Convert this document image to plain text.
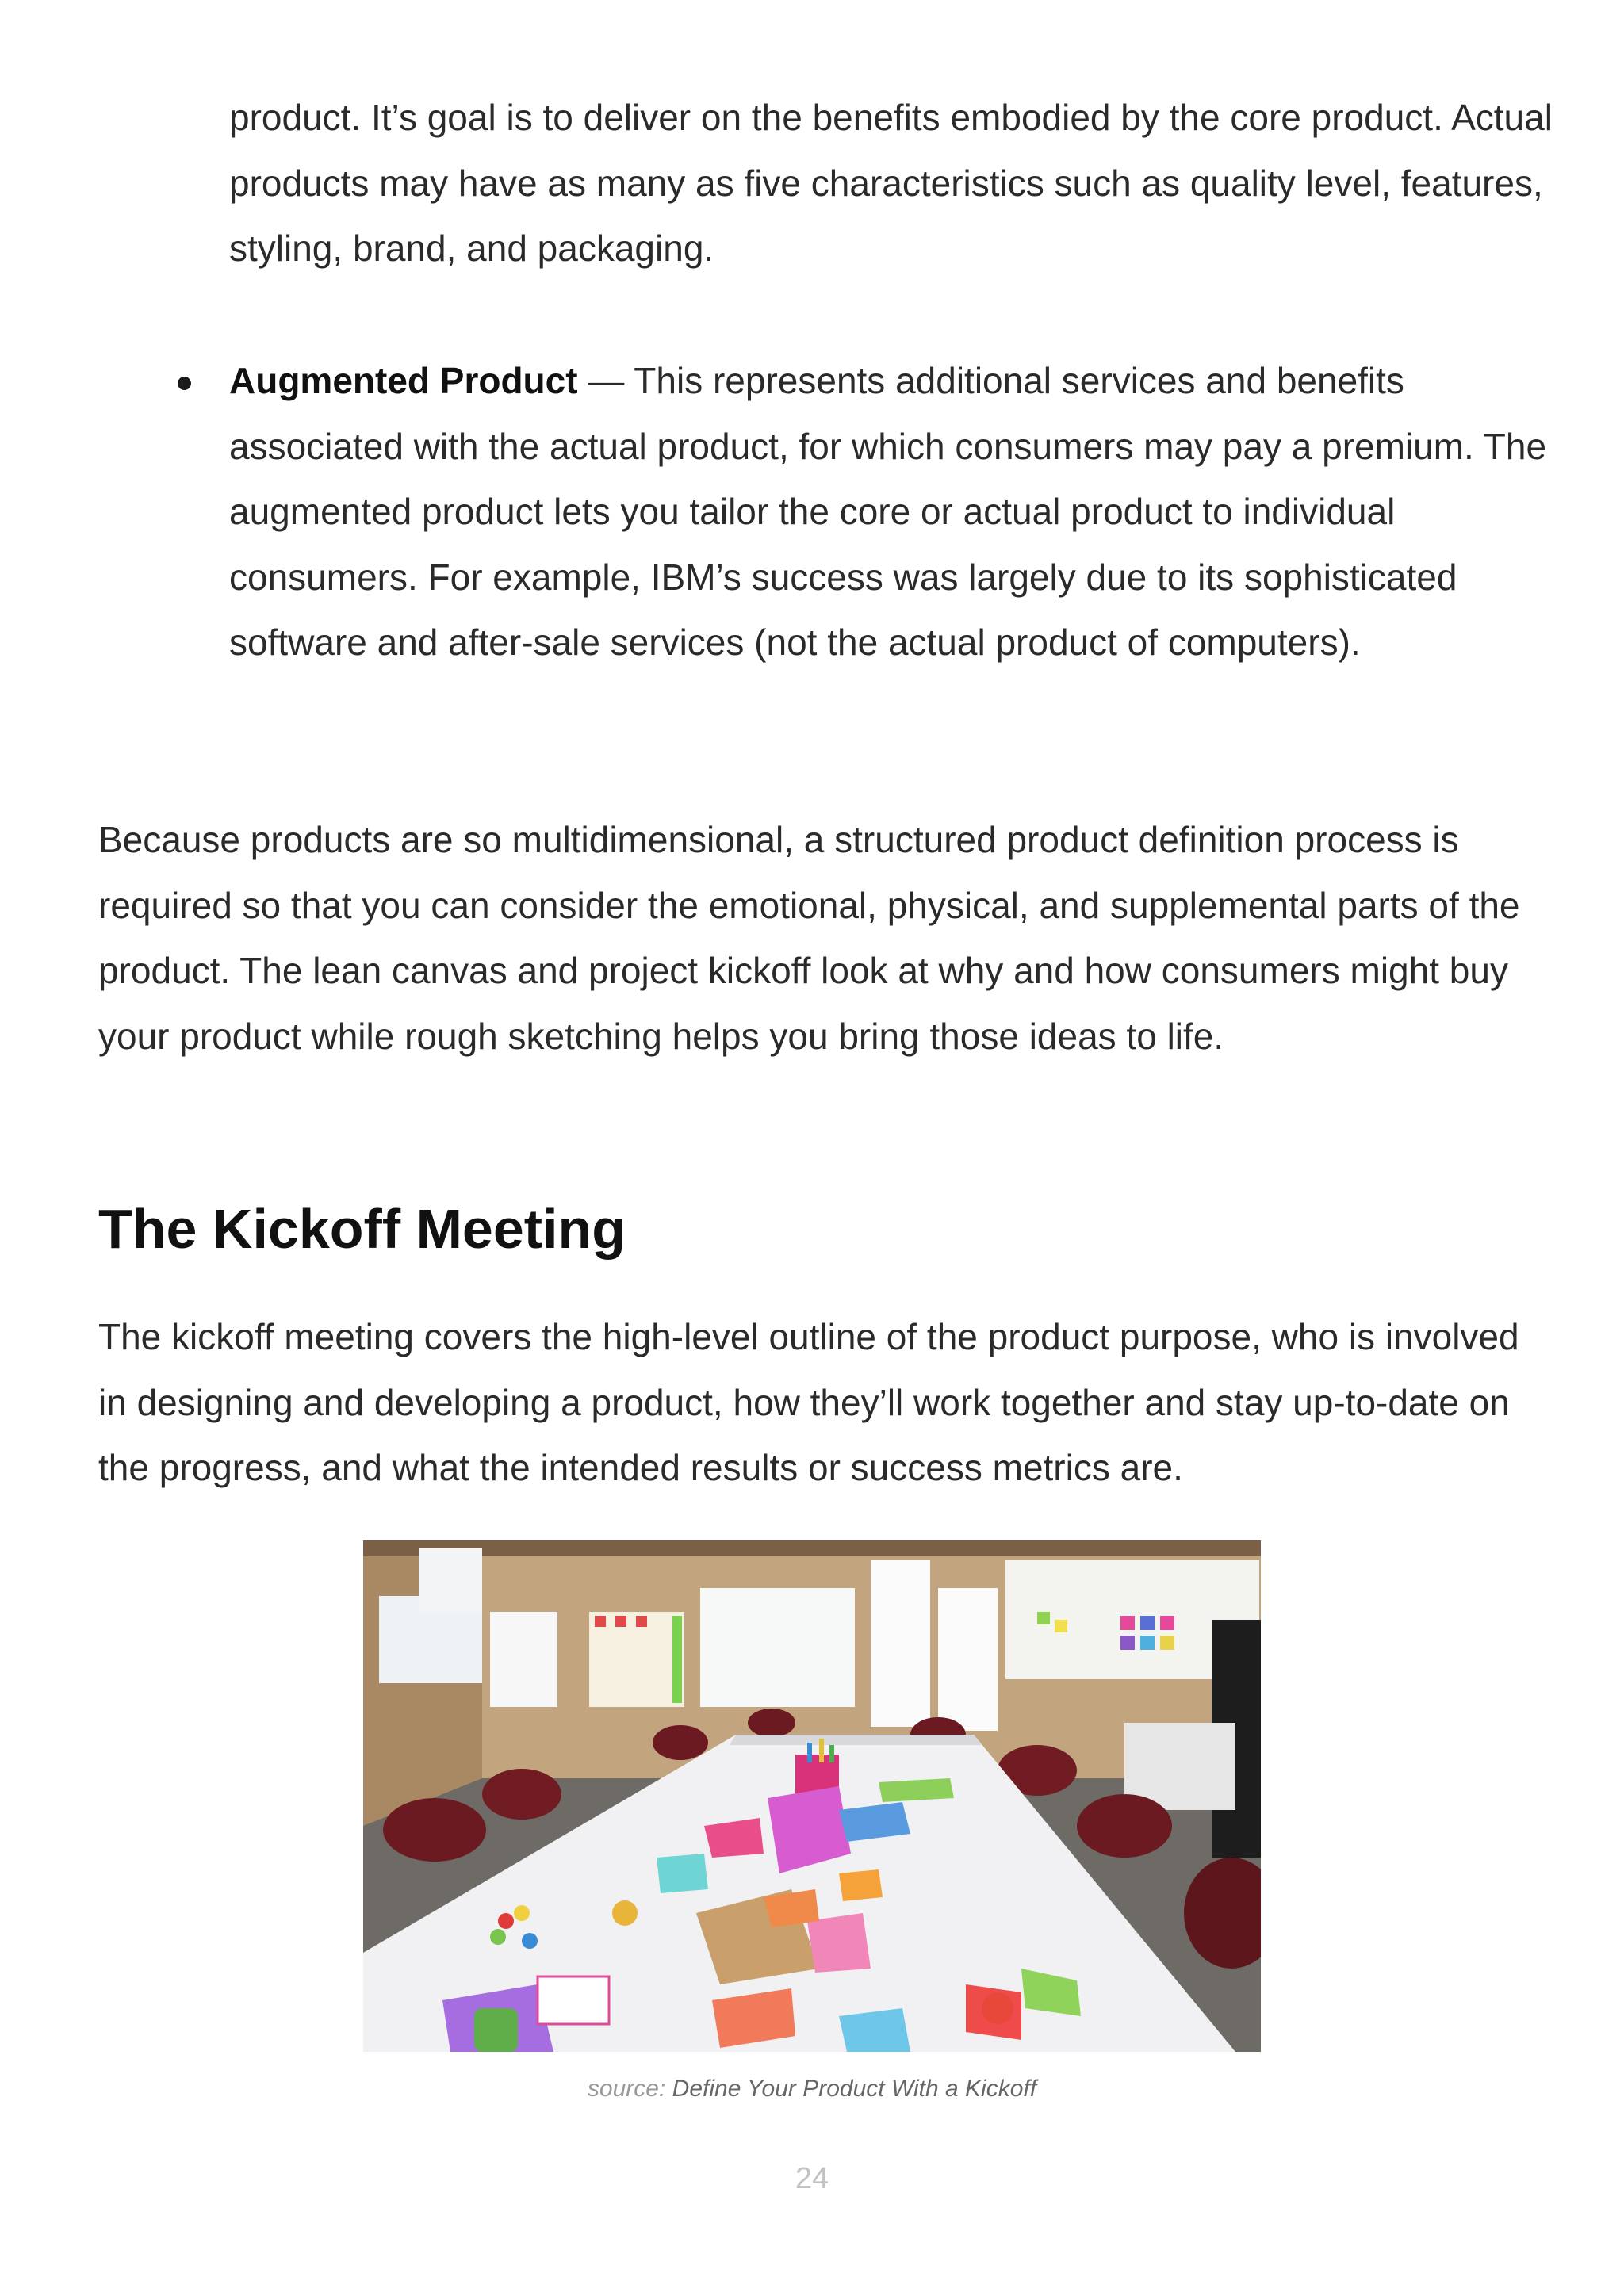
product. It’s goal is to deliver on the benefits embodied by the core product. Actual products may have as many as five characteristics such as quality level, features, styling, brand, and packaging.

Augmented Product — This represents additional services and benefits associated with the actual product, for which consumers may pay a premium. The augmented product lets you tailor the core or actual product to individual consumers. For example, IBM’s success was largely due to its sophisticated software and after-sale services (not the actual product of computers).

Because products are so multidimensional, a structured product definition process is required so that you can consider the emotional, physical, and supplemental parts of the product. The lean canvas and project kickoff look at why and how consumers might buy your product while rough sketching helps you bring those ideas to life.

The Kickoff Meeting

The kickoff meeting covers the high-level outline of the product purpose, who is involved in designing and developing a product, how they’ll work together and stay up-to-date on the progress, and what the intended results or success metrics are.

source: Define Your Product With a Kickoff

24
